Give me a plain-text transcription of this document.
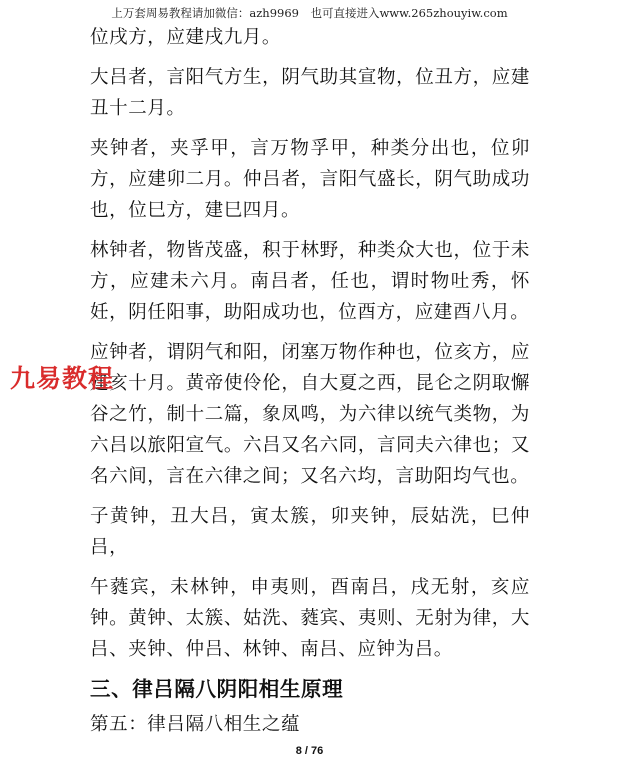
上万套周易教程请加微信：azh9969　也可直接进入www.265zhouyiw.com
九易教程

位戌方，应建戌九月。

大吕者，言阳气方生，阴气助其宣物，位丑方，应建丑十二月。

夹钟者，夹孚甲，言万物孚甲，种类分出也，位卯方，应建卯二月。仲吕者，言阳气盛长，阴气助成功也，位巳方，建巳四月。

林钟者，物皆茂盛，积于林野，种类众大也，位于未方，应建未六月。南吕者，任也，谓时物吐秀，怀妊，阴任阳事，助阳成功也，位酉方，应建酉八月。

应钟者，谓阴气和阳，闭塞万物作种也，位亥方，应建亥十月。黄帝使伶伦，自大夏之西，昆仑之阴取懈谷之竹，制十二篇，象凤鸣，为六律以统气类物，为六吕以旅阳宣气。六吕又名六同，言同夫六律也；又名六间，言在六律之间；又名六均，言助阳均气也。

子黄钟，丑大吕，寅太簇，卯夹钟，辰姑洗，巳仲吕，

午蕤宾，未林钟，申夷则，酉南吕，戌无射，亥应钟。黄钟、太簇、姑洗、蕤宾、夷则、无射为律，大吕、夹钟、仲吕、林钟、南吕、应钟为吕。

三、律吕隔八阴阳相生原理
第五：律吕隔八相生之蕴
8 / 76
